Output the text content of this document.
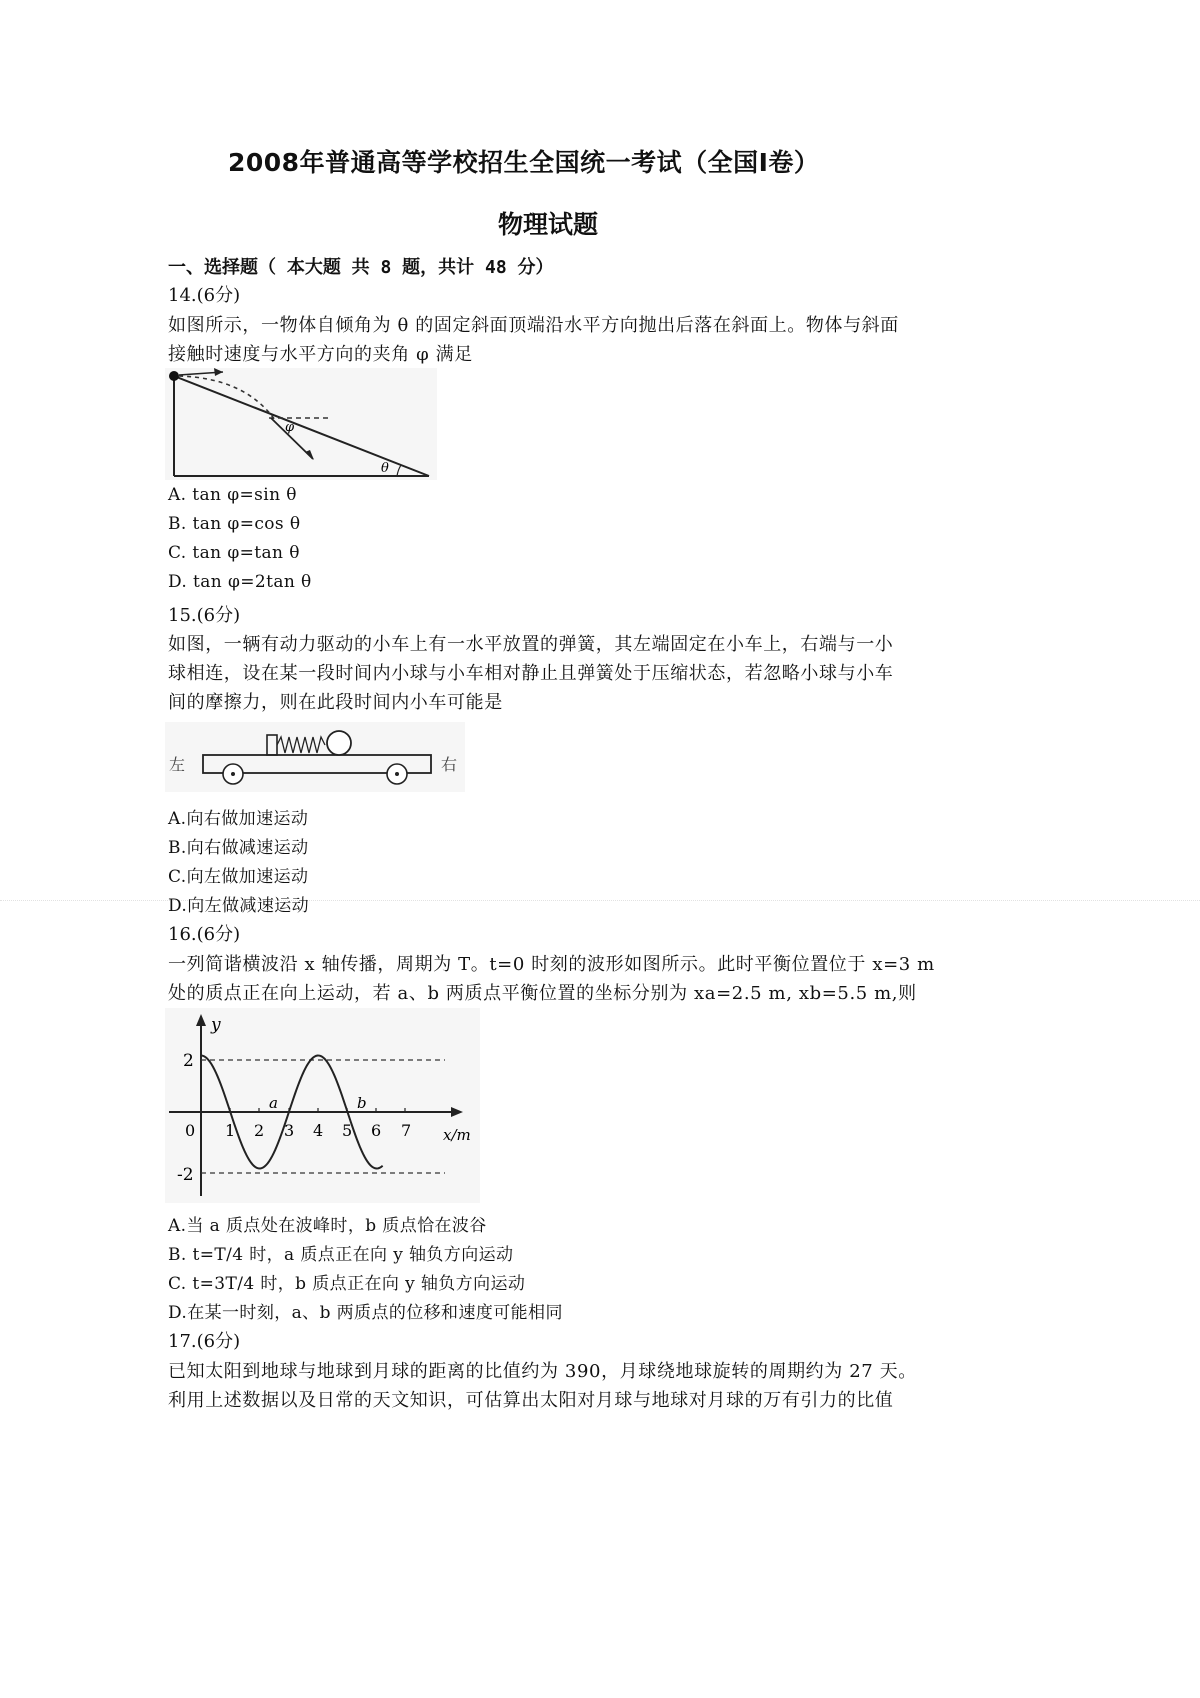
2008年普通高等学校招生全国统一考试（全国Ⅰ卷）
物理试题
一、选择题（ 本大题 共 8 题，共计 48 分）
14.(6分)
如图所示，一物体自倾角为 θ 的固定斜面顶端沿水平方向抛出后落在斜面上。物体与斜面
接触时速度与水平方向的夹角 φ 满足
φ
θ
A. tan φ=sin θ
B. tan φ=cos θ
C. tan φ=tan θ
D. tan φ=2tan θ
15.(6分)
如图，一辆有动力驱动的小车上有一水平放置的弹簧，其左端固定在小车上，右端与一小
球相连，设在某一段时间内小球与小车相对静止且弹簧处于压缩状态，若忽略小球与小车
间的摩擦力，则在此段时间内小车可能是
左	右
A.向右做加速运动
B.向右做减速运动
C.向左做加速运动
D.向左做减速运动
16.(6分)
一列简谐横波沿 x 轴传播，周期为 T。t=0 时刻的波形如图所示。此时平衡位置位于 x=3 m
处的质点正在向上运动，若 a、b 两质点平衡位置的坐标分别为 xa=2.5 m, xb=5.5 m,则
y
x/m
2
-2
0 1 2 3 4 5 6 7
a	b
A.当 a 质点处在波峰时，b 质点恰在波谷
B. t=T/4 时，a 质点正在向 y 轴负方向运动
C. t=3T/4 时，b 质点正在向 y 轴负方向运动
D.在某一时刻，a、b 两质点的位移和速度可能相同
17.(6分)
已知太阳到地球与地球到月球的距离的比值约为 390，月球绕地球旋转的周期约为 27 天。
利用上述数据以及日常的天文知识，可估算出太阳对月球与地球对月球的万有引力的比值
